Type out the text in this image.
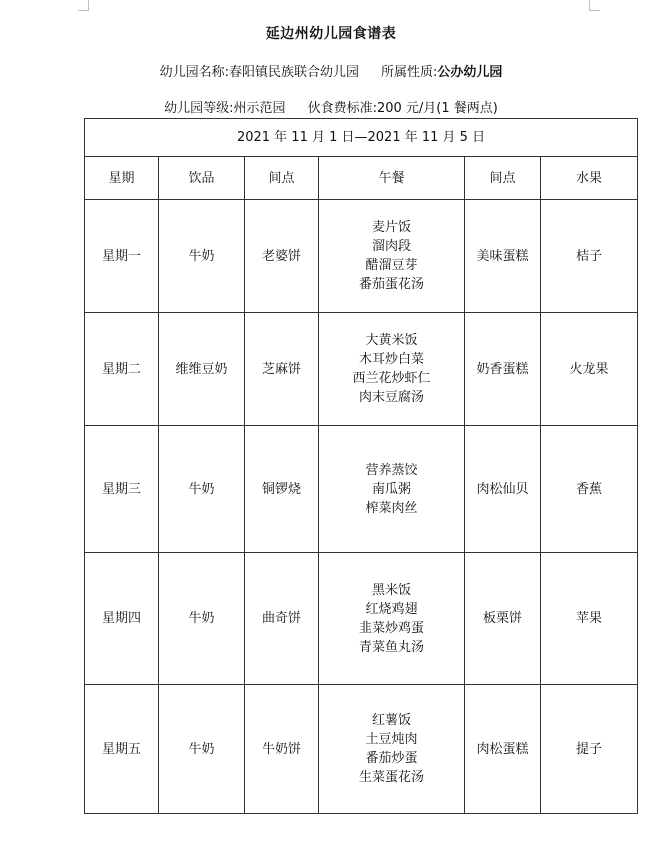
延边州幼儿园食谱表
幼儿园名称:春阳镇民族联合幼儿园 所属性质:公办幼儿园
幼儿园等级:州示范园 伙食费标准:200 元/月(1 餐两点)
2021 年 11 月 1 日—2021 年 11 月 5 日					
星期	饮品	间点	午餐	间点	水果
星期一	牛奶	老婆饼	麦片饭
溜肉段
醋溜豆芽
番茄蛋花汤	美味蛋糕	桔子
星期二	维维豆奶	芝麻饼	大黄米饭
木耳炒白菜
西兰花炒虾仁
肉末豆腐汤	奶香蛋糕	火龙果
星期三	牛奶	铜锣烧	营养蒸饺
南瓜粥
榨菜肉丝	肉松仙贝	香蕉
星期四	牛奶	曲奇饼	黑米饭
红烧鸡翅
韭菜炒鸡蛋
青菜鱼丸汤	板栗饼	苹果
星期五	牛奶	牛奶饼	红薯饭
土豆炖肉
番茄炒蛋
生菜蛋花汤	肉松蛋糕	提子
